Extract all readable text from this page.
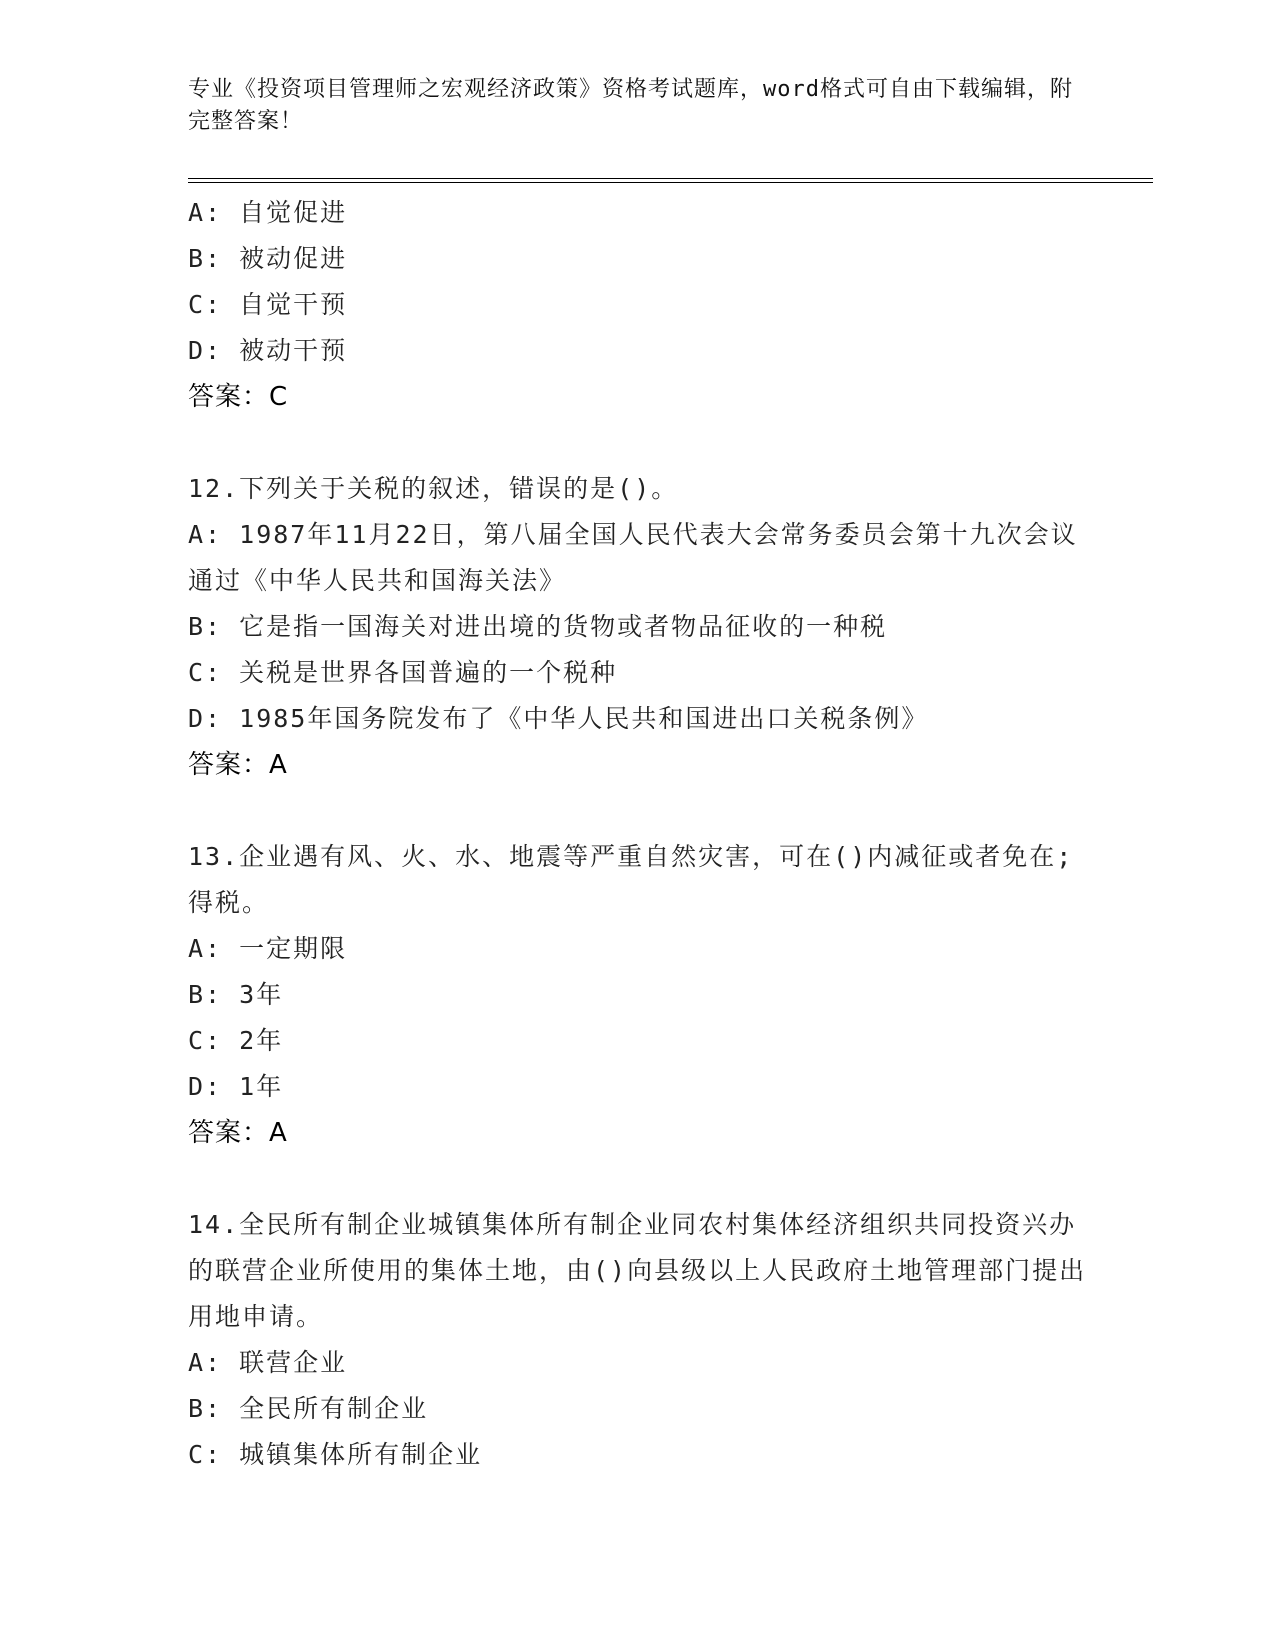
专业《投资项目管理师之宏观经济政策》资格考试题库，word格式可自由下载编辑，附完整答案！
A: 自觉促进
B: 被动促进
C: 自觉干预
D: 被动干预
答案：C
12.下列关于关税的叙述，错误的是()。
A: 1987年11月22日，第八届全国人民代表大会常务委员会第十九次会议通过《中华人民共和国海关法》
B: 它是指一国海关对进出境的货物或者物品征收的一种税
C: 关税是世界各国普遍的一个税种
D: 1985年国务院发布了《中华人民共和国进出口关税条例》
答案：A
13.企业遇有风、火、水、地震等严重自然灾害，可在()内减征或者免在;得税。
A: 一定期限
B: 3年
C: 2年
D: 1年
答案：A
14.全民所有制企业城镇集体所有制企业同农村集体经济组织共同投资兴办的联营企业所使用的集体土地，由()向县级以上人民政府土地管理部门提出用地申请。
A: 联营企业
B: 全民所有制企业
C: 城镇集体所有制企业
